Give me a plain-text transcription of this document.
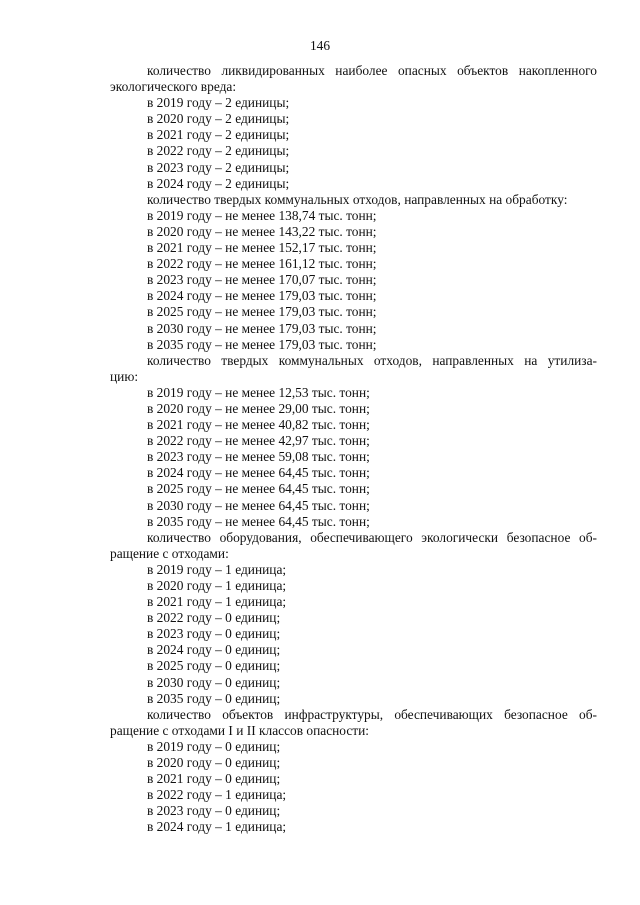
146
количество ликвидированных наиболее опасных объектов накопленного
экологического вреда:
в 2019 году – 2 единицы;
в 2020 году – 2 единицы;
в 2021 году – 2 единицы;
в 2022 году – 2 единицы;
в 2023 году – 2 единицы;
в 2024 году – 2 единицы;
количество твердых коммунальных отходов, направленных на обработку:
в 2019 году – не менее 138,74 тыс. тонн;
в 2020 году – не менее 143,22 тыс. тонн;
в 2021 году – не менее 152,17 тыс. тонн;
в 2022 году – не менее 161,12 тыс. тонн;
в 2023 году – не менее 170,07 тыс. тонн;
в 2024 году – не менее 179,03 тыс. тонн;
в 2025 году – не менее 179,03 тыс. тонн;
в 2030 году – не менее 179,03 тыс. тонн;
в 2035 году – не менее 179,03 тыс. тонн;
количество твердых коммунальных отходов, направленных на утилиза-
цию:
в 2019 году – не менее 12,53 тыс. тонн;
в 2020 году – не менее 29,00 тыс. тонн;
в 2021 году – не менее 40,82 тыс. тонн;
в 2022 году – не менее 42,97 тыс. тонн;
в 2023 году – не менее 59,08 тыс. тонн;
в 2024 году – не менее 64,45 тыс. тонн;
в 2025 году – не менее 64,45 тыс. тонн;
в 2030 году – не менее 64,45 тыс. тонн;
в 2035 году – не менее 64,45 тыс. тонн;
количество оборудования, обеспечивающего экологически безопасное об-
ращение с отходами:
в 2019 году – 1 единица;
в 2020 году – 1 единица;
в 2021 году – 1 единица;
в 2022 году – 0 единиц;
в 2023 году – 0 единиц;
в 2024 году – 0 единиц;
в 2025 году – 0 единиц;
в 2030 году – 0 единиц;
в 2035 году – 0 единиц;
количество объектов инфраструктуры, обеспечивающих безопасное об-
ращение с отходами I и II классов опасности:
в 2019 году – 0 единиц;
в 2020 году – 0 единиц;
в 2021 году – 0 единиц;
в 2022 году – 1 единица;
в 2023 году – 0 единиц;
в 2024 году – 1 единица;
